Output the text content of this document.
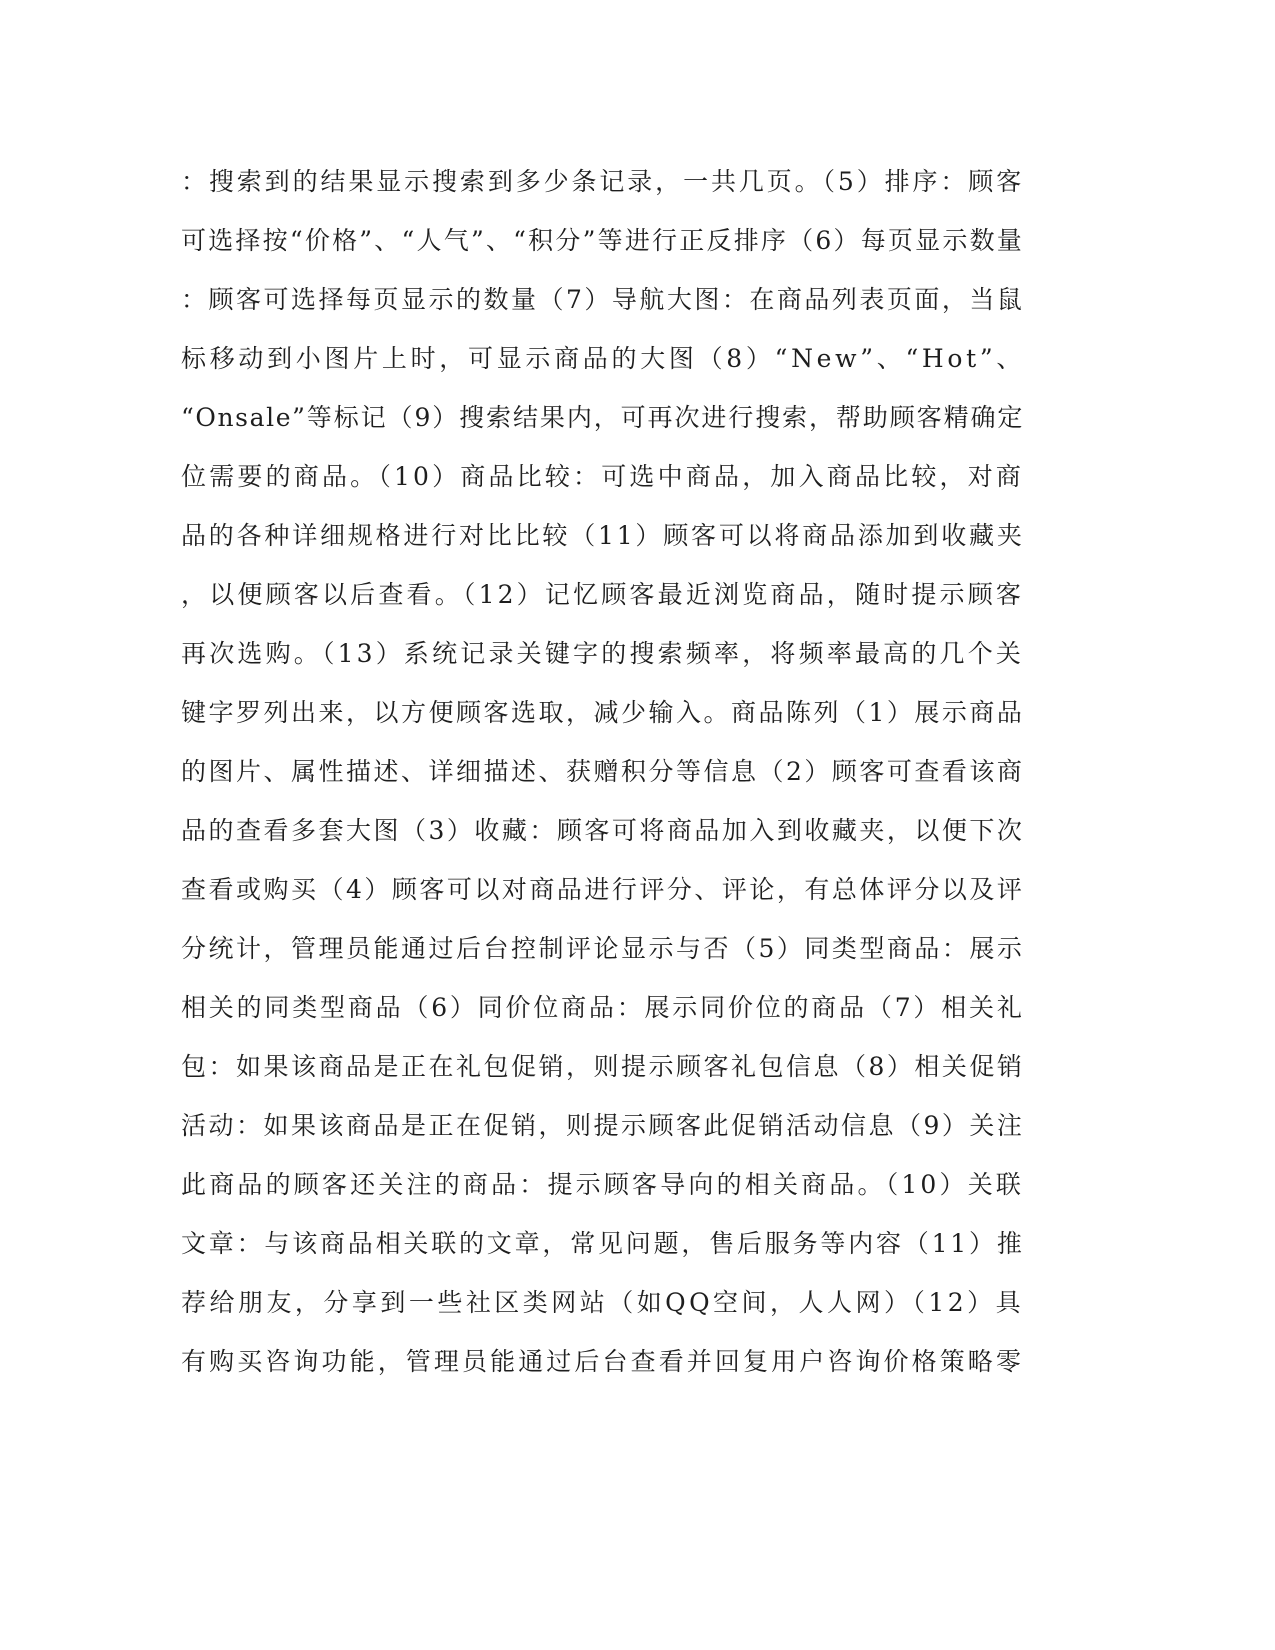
：搜索到的结果显示搜索到多少条记录，一共几页。（5）排序：顾客
可选择按“价格”、“人气”、“积分”等进行正反排序（6）每页显示数量
：顾客可选择每页显示的数量（7）导航大图：在商品列表页面，当鼠
标移动到小图片上时，可显示商品的大图（8）“New”、“Hot”、
“Onsale”等标记（9）搜索结果内，可再次进行搜索，帮助顾客精确定
位需要的商品。（10）商品比较：可选中商品，加入商品比较，对商
品的各种详细规格进行对比比较（11）顾客可以将商品添加到收藏夹
，以便顾客以后查看。（12）记忆顾客最近浏览商品，随时提示顾客
再次选购。（13）系统记录关键字的搜索频率，将频率最高的几个关
键字罗列出来，以方便顾客选取，减少输入。商品陈列（1）展示商品
的图片、属性描述、详细描述、获赠积分等信息（2）顾客可查看该商
品的查看多套大图（3）收藏：顾客可将商品加入到收藏夹，以便下次
查看或购买（4）顾客可以对商品进行评分、评论，有总体评分以及评
分统计，管理员能通过后台控制评论显示与否（5）同类型商品：展示
相关的同类型商品（6）同价位商品：展示同价位的商品（7）相关礼
包：如果该商品是正在礼包促销，则提示顾客礼包信息（8）相关促销
活动：如果该商品是正在促销，则提示顾客此促销活动信息（9）关注
此商品的顾客还关注的商品：提示顾客导向的相关商品。（10）关联
文章：与该商品相关联的文章，常见问题，售后服务等内容（11）推
荐给朋友，分享到一些社区类网站（如QQ空间，人人网）（12）具
有购买咨询功能，管理员能通过后台查看并回复用户咨询价格策略零
